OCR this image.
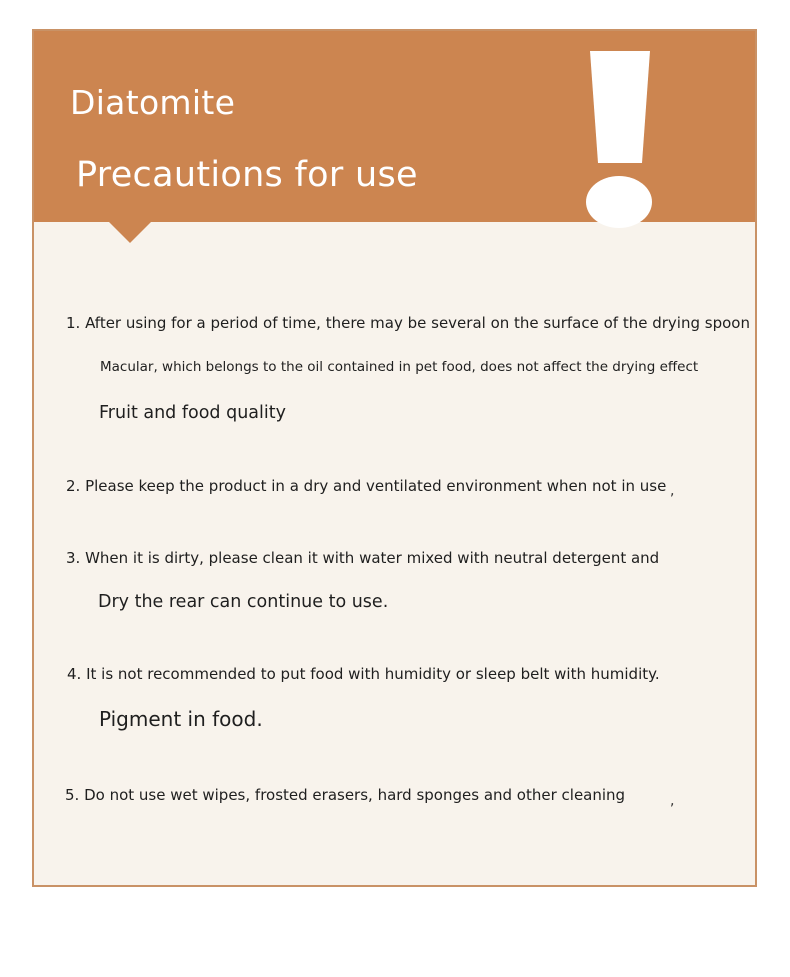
Diatomite
Precautions for use

1. After using for a period of time, there may be several on the surface of the drying spoon

Macular, which belongs to the oil contained in pet food, does not affect the drying effect

Fruit and food quality

2. Please keep the product in a dry and ventilated environment when not in use ,

3. When it is dirty, please clean it with water mixed with neutral detergent and

Dry the rear can continue to use.

4. It is not recommended to put food with humidity or sleep belt with humidity.

Pigment in food.

5. Do not use wet wipes, frosted erasers, hard sponges and other cleaning	,
